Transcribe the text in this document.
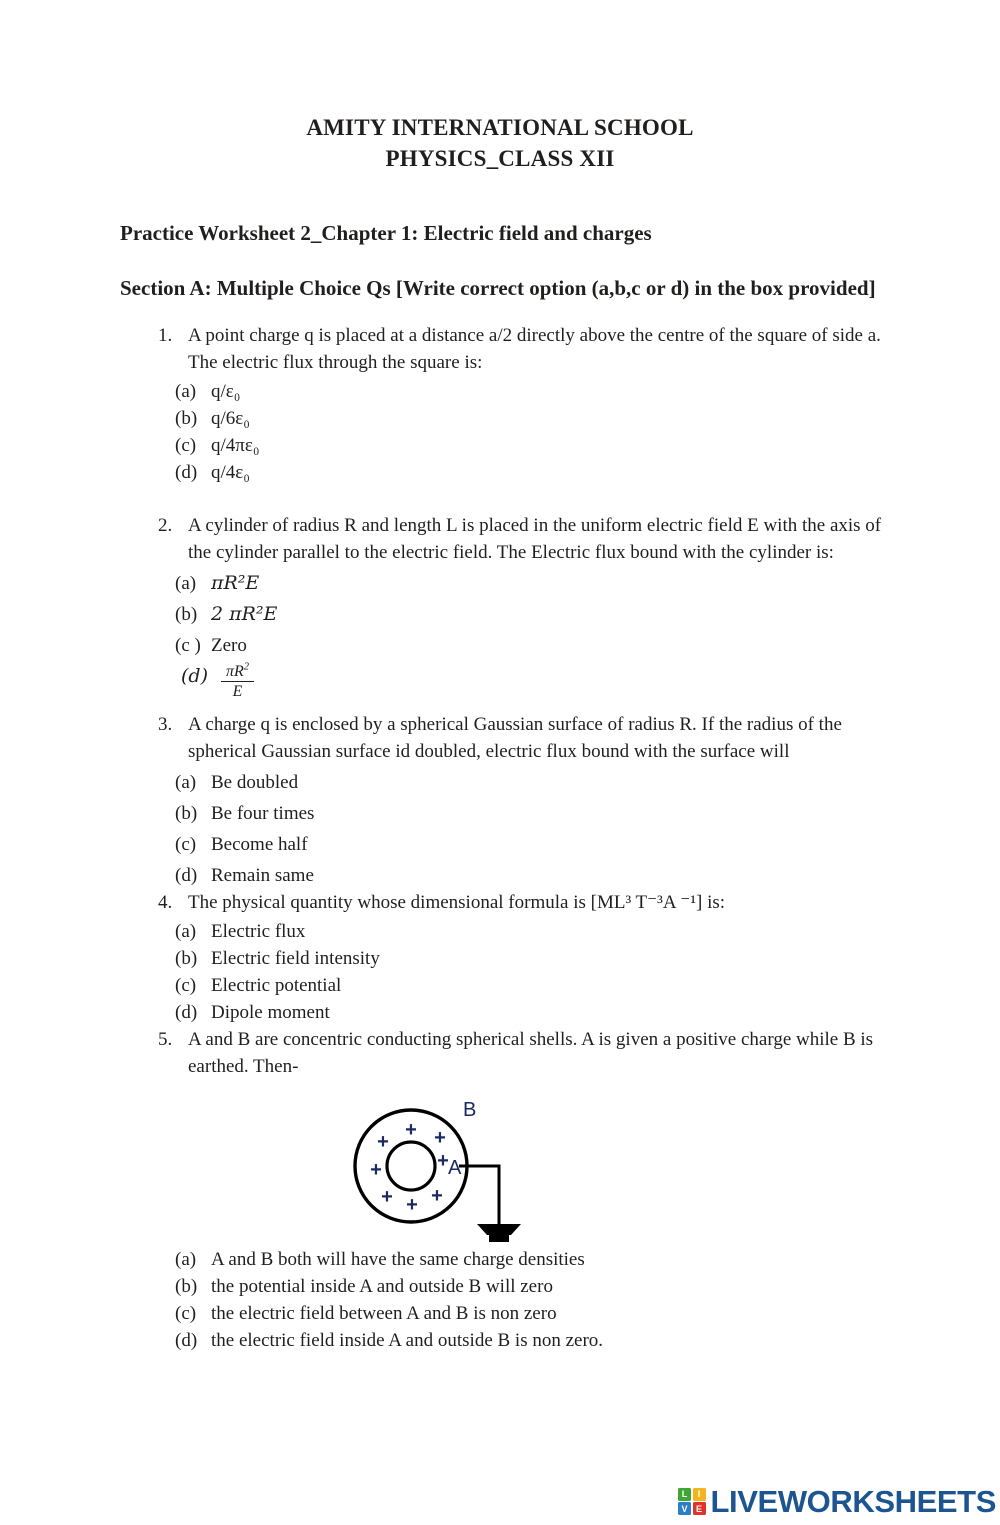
AMITY INTERNATIONAL SCHOOL
PHYSICS_CLASS XII
Practice Worksheet 2_Chapter 1: Electric field and charges
Section A: Multiple Choice Qs [Write correct option (a,b,c or d) in the box provided]
1. A point charge q is placed at a distance a/2 directly above the centre of the square of side a. The electric flux through the square is:
(a) q/ε₀
(b) q/6ε₀
(c) q/4πε₀
(d) q/4ε₀
2. A cylinder of radius R and length L is placed in the uniform electric field E with the axis of the cylinder parallel to the electric field. The Electric flux bound with the cylinder is:
(a) πR²E
(b) 2 πR²E
(c ) Zero
$(d) \frac{\pi R^2}{E}$
3. A charge q is enclosed by a spherical Gaussian surface of radius R. If the radius of the spherical Gaussian surface id doubled, electric flux bound with the surface will
(a) Be doubled
(b) Be four times
(c) Become half
(d) Remain same
4. The physical quantity whose dimensional formula is [ML³ T⁻³A ⁻¹] is:
(a) Electric flux
(b) Electric field intensity
(c) Electric potential
(d) Dipole moment
5. A and B are concentric conducting spherical shells. A is given a positive charge while B is earthed. Then-
+
+
+
+ + +
+
+
B
A
(a) A and B both will have the same charge densities
(b) the potential inside A and outside B will zero
(c) the electric field between A and B is non zero
(d) the electric field inside A and outside B is non zero.
L	I
V E LIVEWORKSHEETS
